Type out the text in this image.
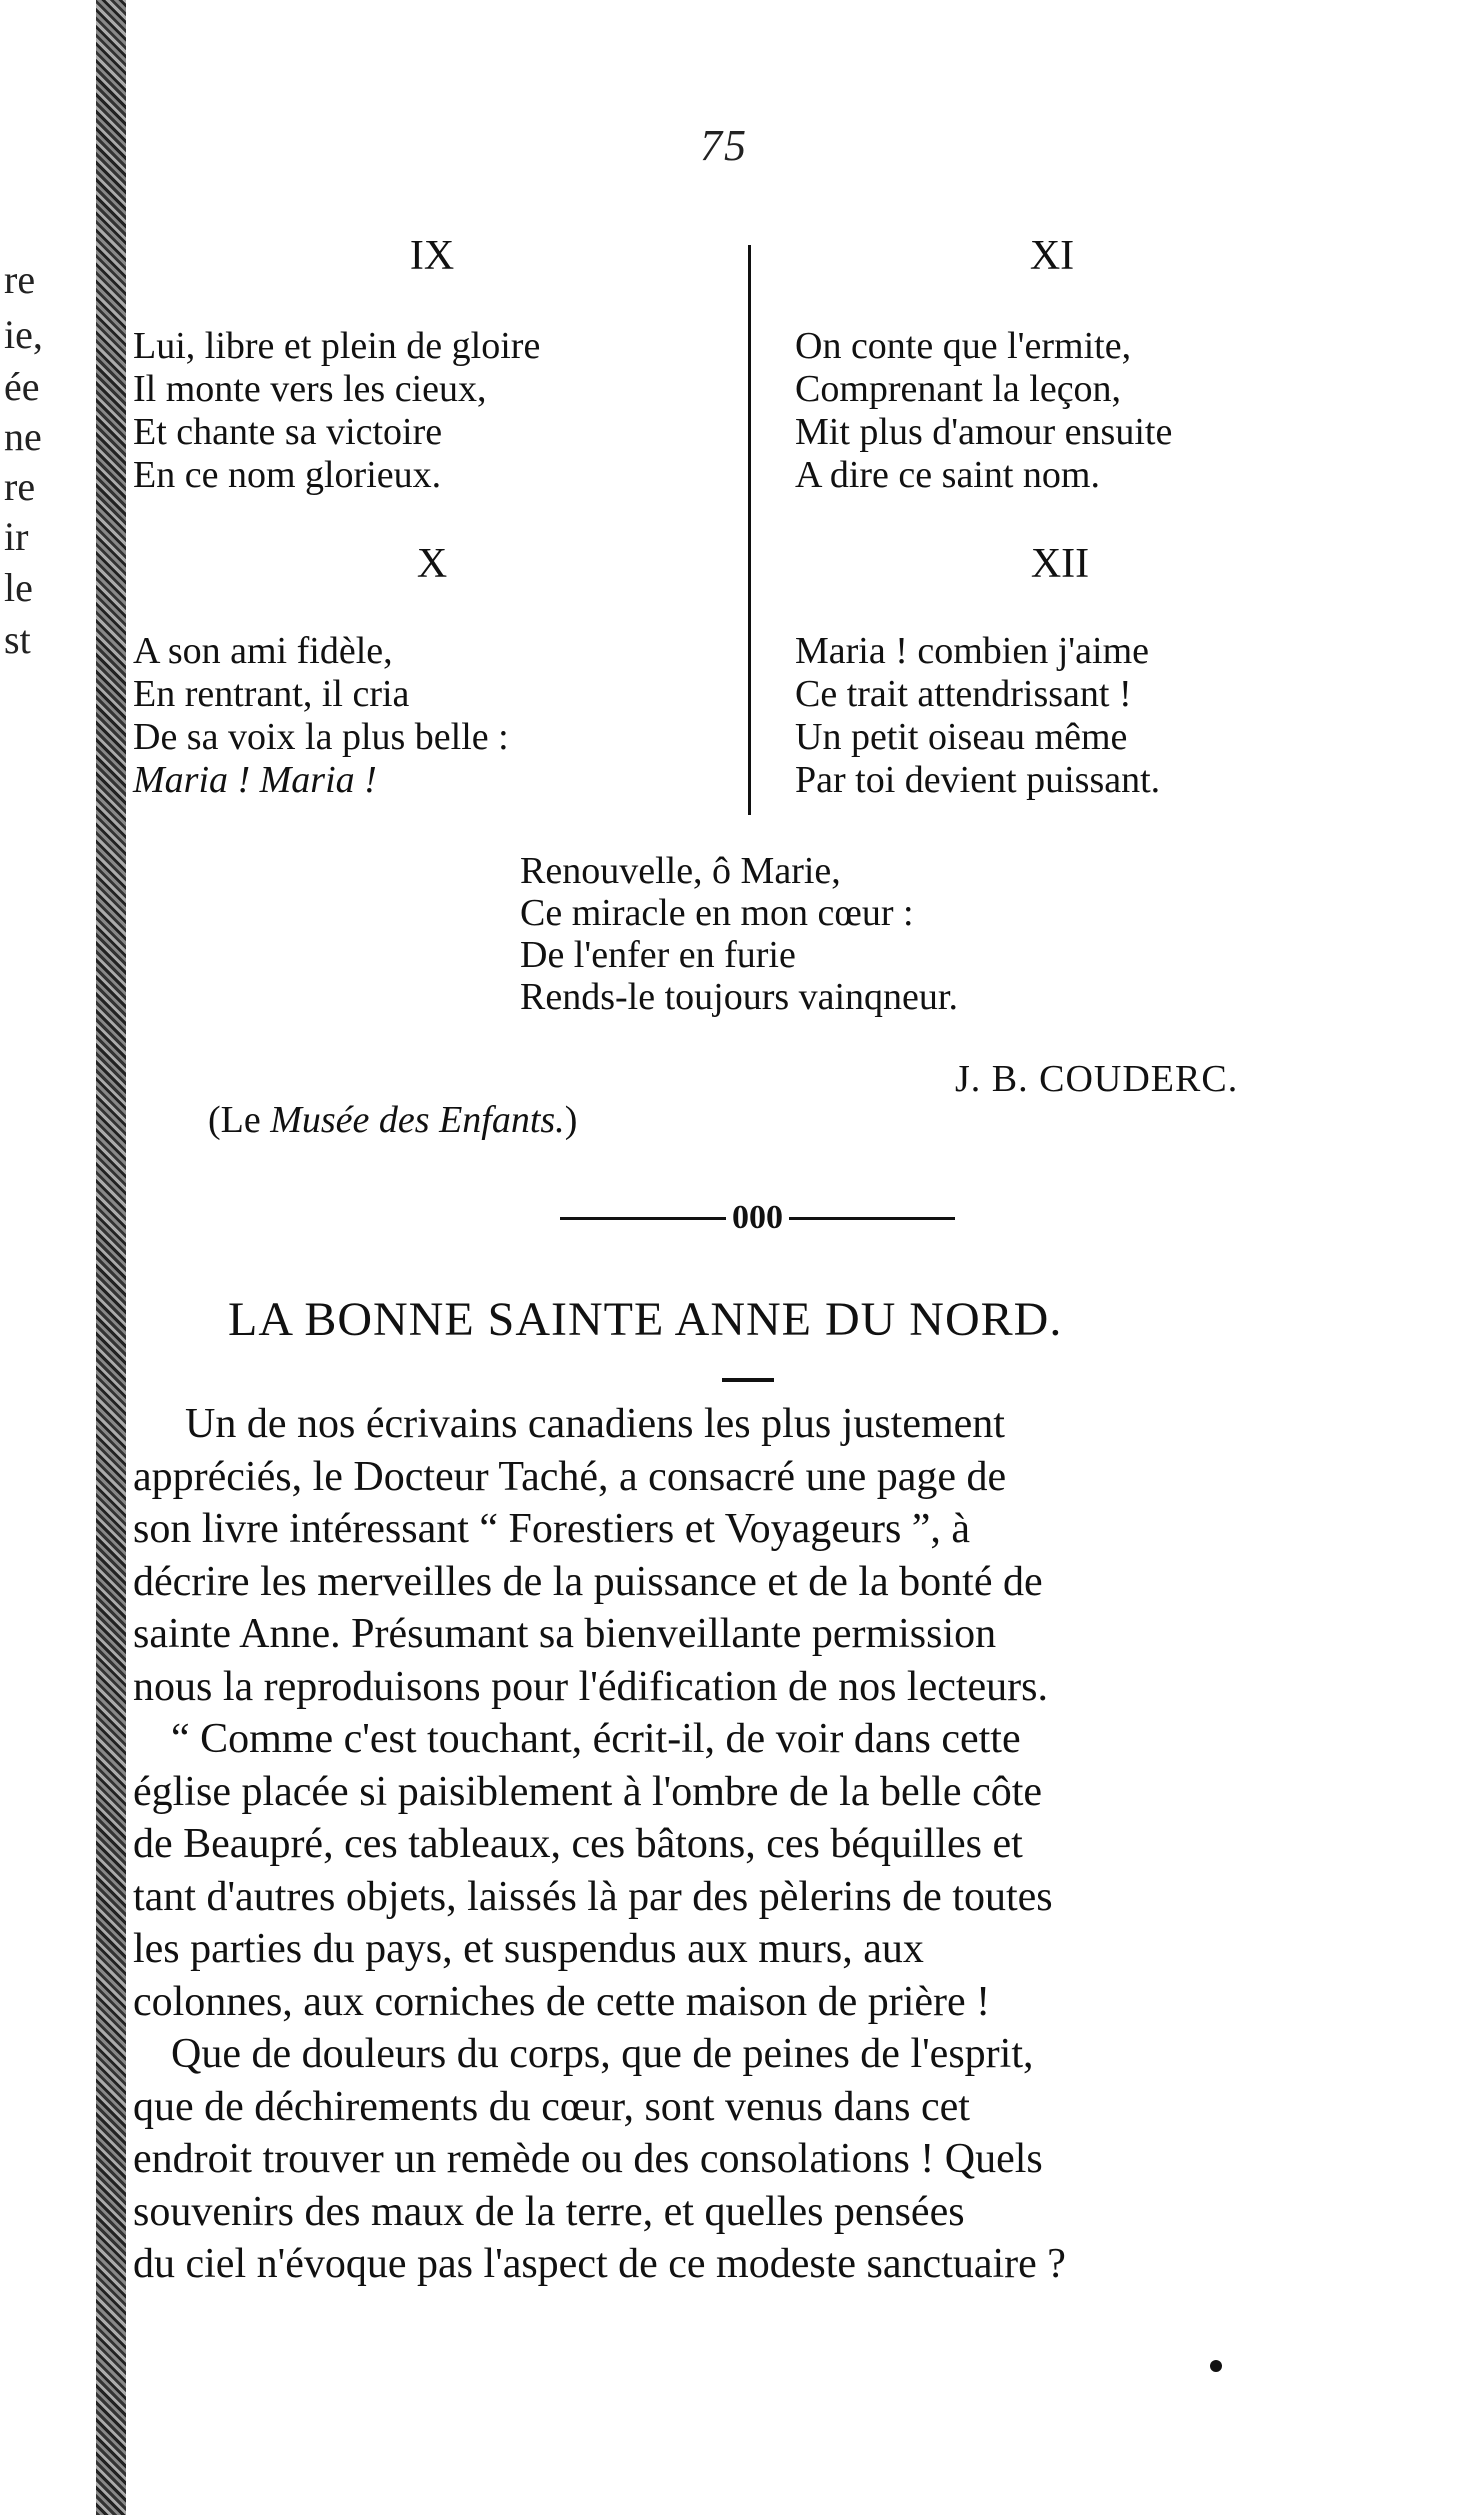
re
ie,
ée
ne
re
ir
le
st
75
IX
Lui, libre et plein de gloire
Il monte vers les cieux,
Et chante sa victoire
En ce nom glorieux.
X
A son ami fidèle,
En rentrant, il cria
De sa voix la plus belle :
Maria ! Maria !
XI
On conte que l'ermite,
Comprenant la leçon,
Mit plus d'amour ensuite
A dire ce saint nom.
XII
Maria ! combien j'aime
Ce trait attendrissant !
Un petit oiseau même
Par toi devient puissant.
Renouvelle, ô Marie,
Ce miracle en mon cœur :
De l'enfer en furie
Rends-le toujours vainqneur.
J. B. COUDERC.
(Le Musée des Enfants.)
000
LA BONNE SAINTE ANNE DU NORD.
Un de nos écrivains canadiens les plus justement
appréciés, le Docteur Taché, a consacré une page de
son livre intéressant “ Forestiers et Voyageurs ”, à
décrire les merveilles de la puissance et de la bonté de
sainte Anne. Présumant sa bienveillante permission
nous la reproduisons pour l'édification de nos lecteurs.
“ Comme c'est touchant, écrit-il, de voir dans cette
église placée si paisiblement à l'ombre de la belle côte
de Beaupré, ces tableaux, ces bâtons, ces béquilles et
tant d'autres objets, laissés là par des pèlerins de toutes
les parties du pays, et suspendus aux murs, aux
colonnes, aux corniches de cette maison de prière !
Que de douleurs du corps, que de peines de l'esprit,
que de déchirements du cœur, sont venus dans cet
endroit trouver un remède ou des consolations ! Quels
souvenirs des maux de la terre, et quelles pensées
du ciel n'évoque pas l'aspect de ce modeste sanctuaire ?
